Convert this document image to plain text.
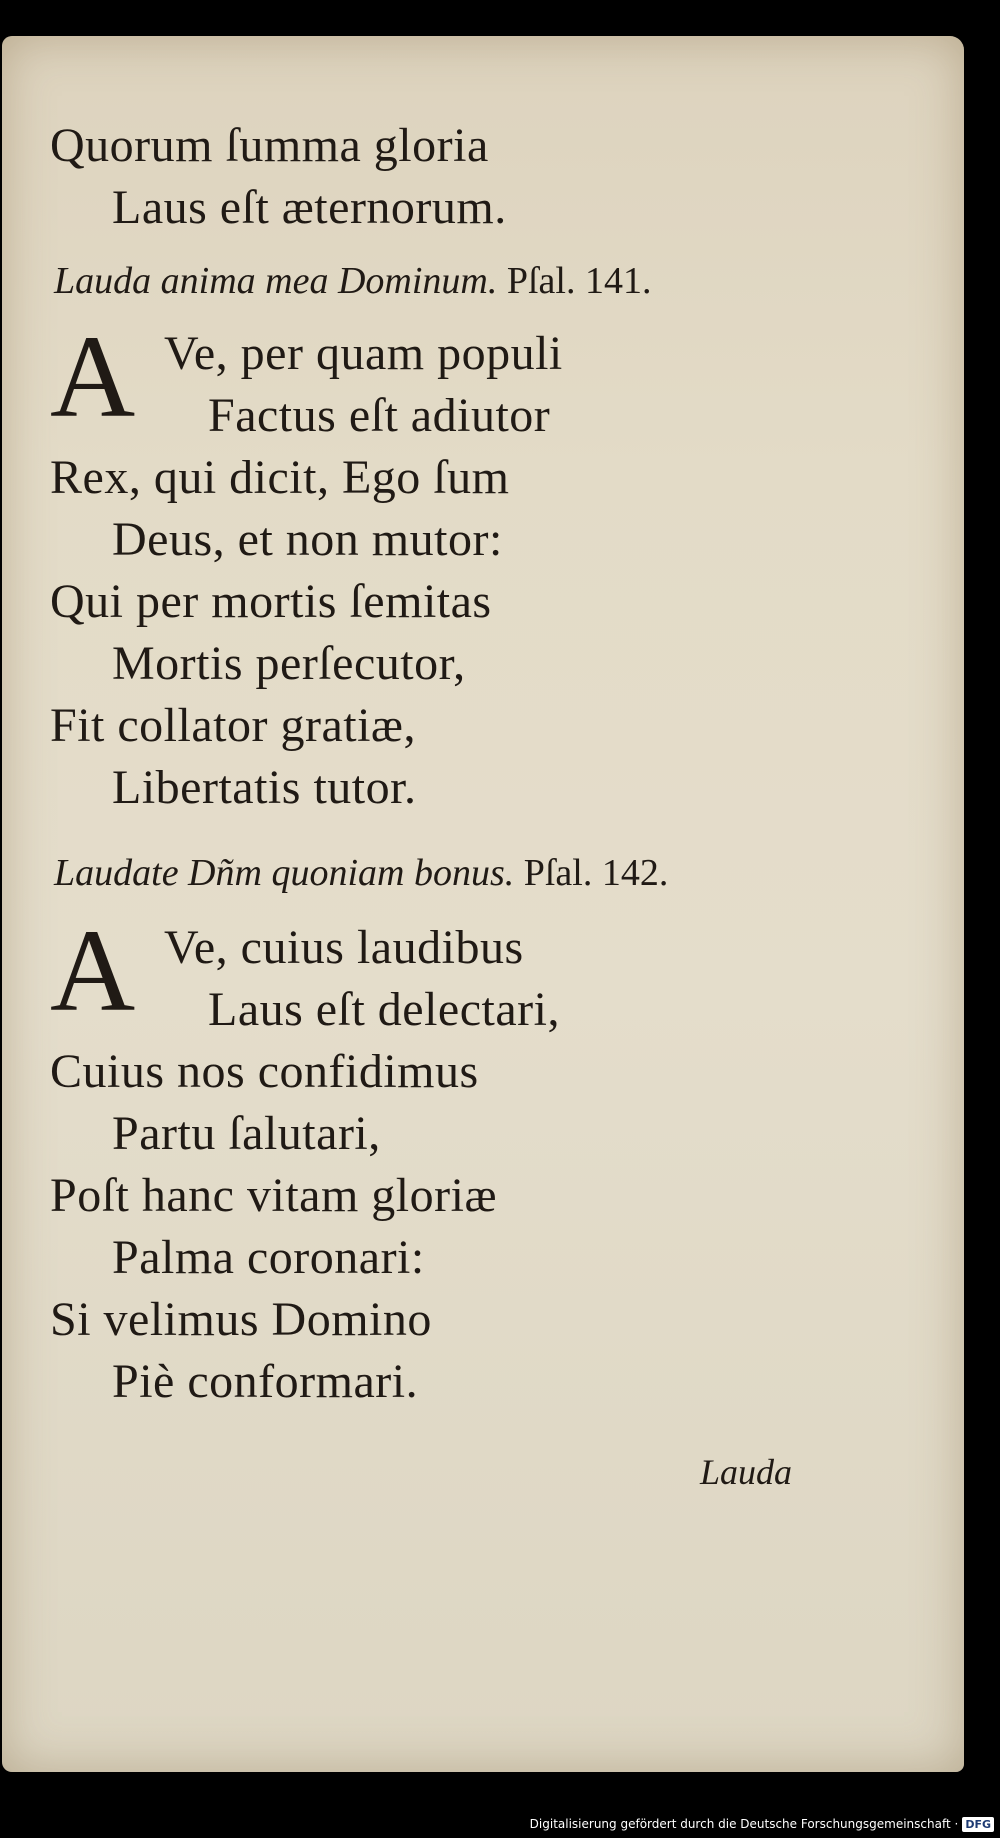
Quorum ſumma gloria

Laus eſt æternorum.

Lauda anima mea Dominum. Pſal. 141.
A Ve, per quam populi

Factus eſt adiutor

Rex, qui dicit, Ego ſum

Deus, et non mutor:

Qui per mortis ſemitas

Mortis perſecutor,

Fit collator gratiæ,

Libertatis tutor.

Laudate Dñm quoniam bonus. Pſal. 142.
A Ve, cuius laudibus

Laus eſt delectari,

Cuius nos confidimus

Partu ſalutari,

Poſt hanc vitam gloriæ

Palma coronari:

Si velimus Domino

Piè conformari.

Lauda
Digitalisierung gefördert durch die Deutsche Forschungsgemeinschaft · DFG
